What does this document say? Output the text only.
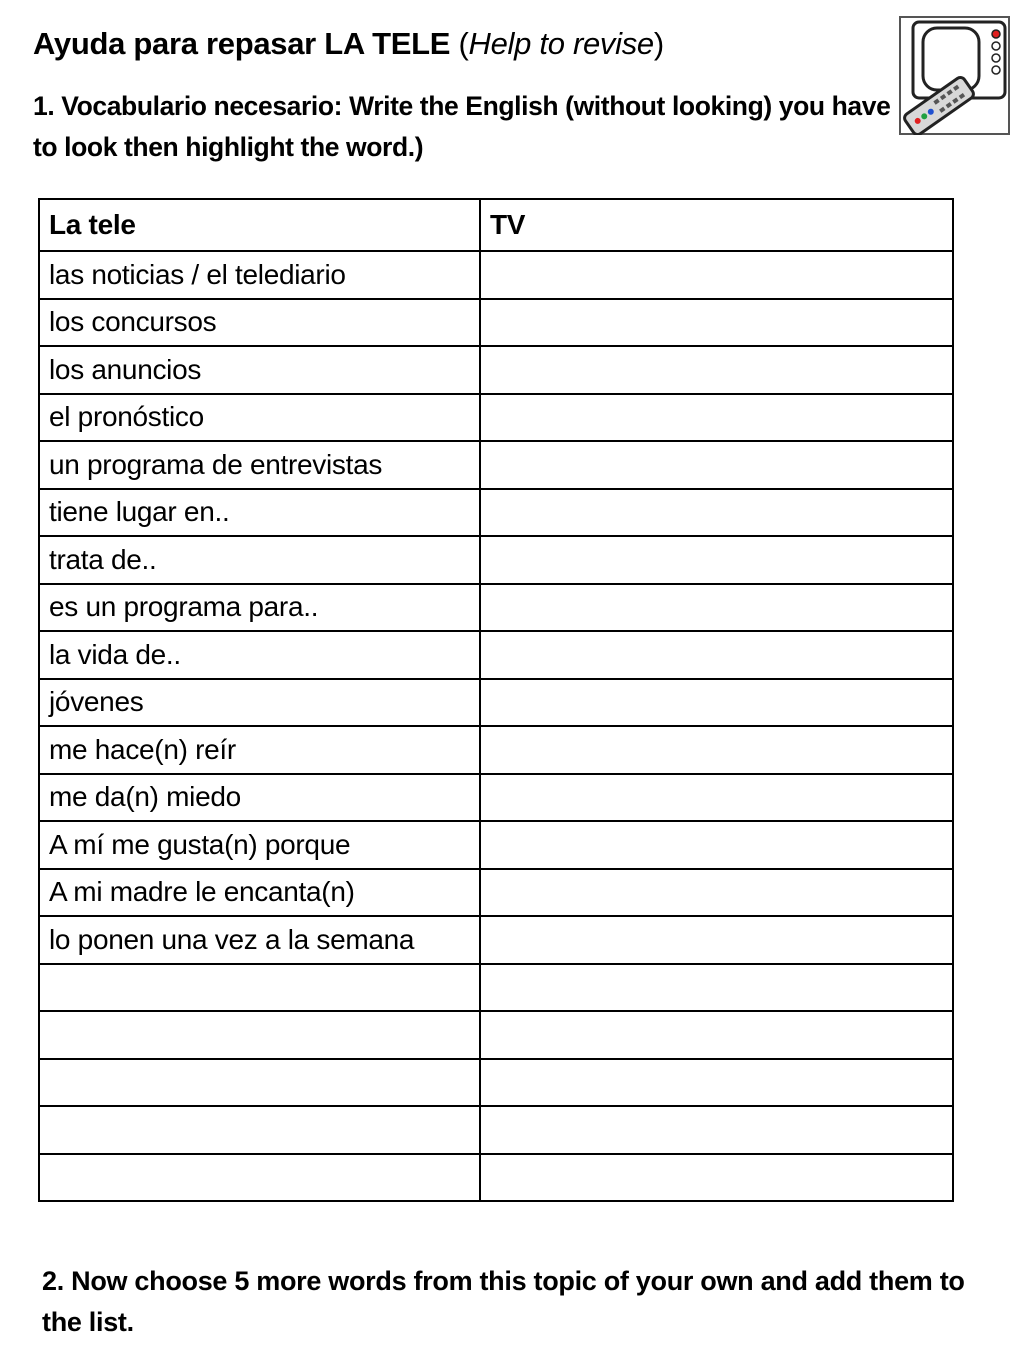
Ayuda para repasar LA TELE (Help to revise)
1. Vocabulario necesario: Write the English (without looking) you have to look then highlight the word.)
La tele	TV
las noticias / el telediario	
los concursos	
los anuncios	
el pronóstico	
un programa de entrevistas	
tiene lugar en..	
trata de..	
es un programa para..	
la vida de..	
jóvenes	
me hace(n) reír	
me da(n) miedo	
A mí me gusta(n) porque	
A mi madre le encanta(n)	
lo ponen una vez a la semana	

2. Now choose 5 more words from this topic of your own and add them to the list.
